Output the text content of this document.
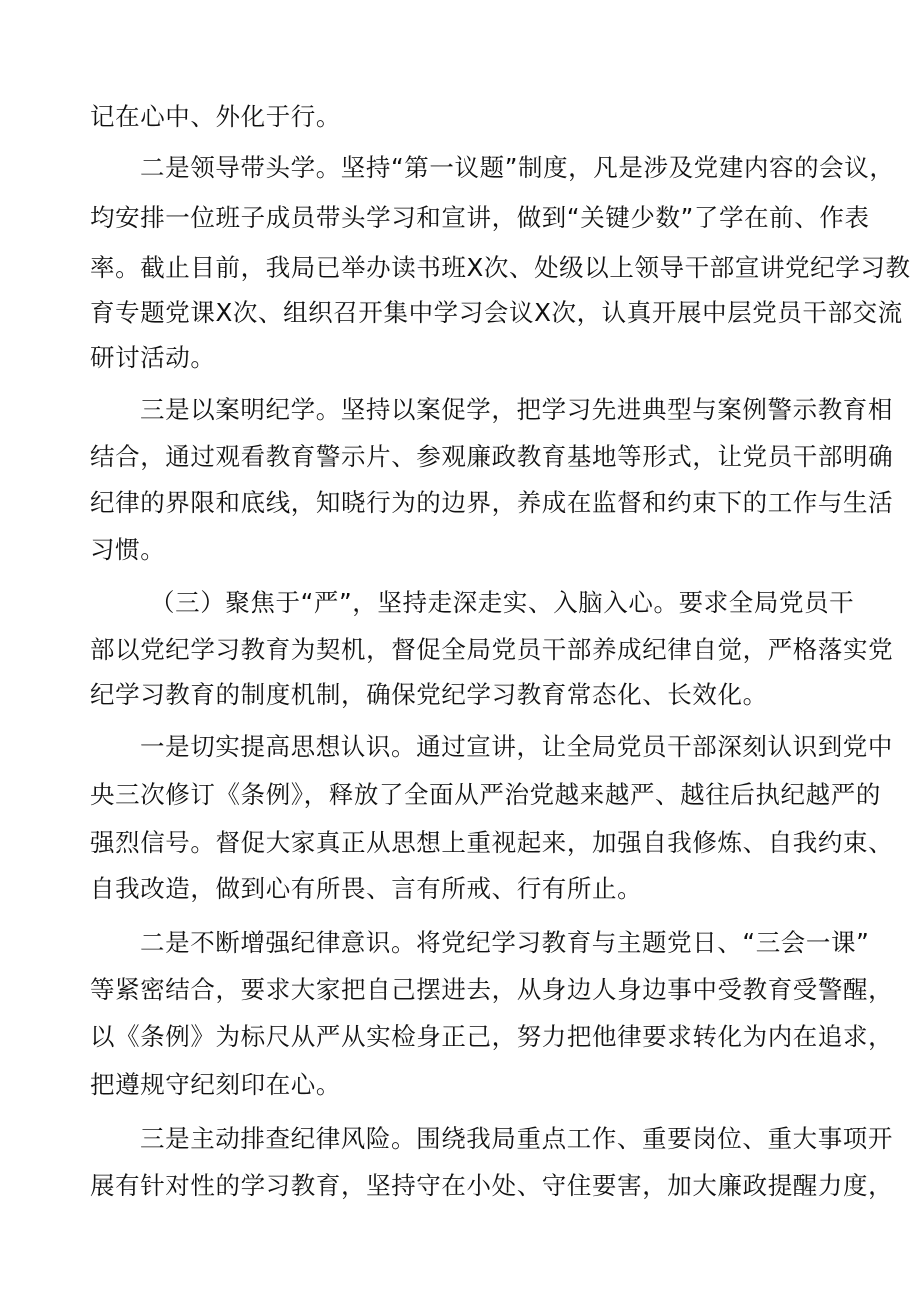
记在心中、外化于行。
二是领导带头学。坚持“第一议题”制度，凡是涉及党建内容的会议，
均安排一位班子成员带头学习和宣讲，做到“关键少数”了学在前、作表
率。截止目前，我局已举办读书班X次、处级以上领导干部宣讲党纪学习教
育专题党课X次、组织召开集中学习会议X次，认真开展中层党员干部交流
研讨活动。
三是以案明纪学。坚持以案促学，把学习先进典型与案例警示教育相
结合，通过观看教育警示片、参观廉政教育基地等形式，让党员干部明确
纪律的界限和底线，知晓行为的边界，养成在监督和约束下的工作与生活
习惯。
（三）聚焦于“严”，坚持走深走实、入脑入心。要求全局党员干
部以党纪学习教育为契机，督促全局党员干部养成纪律自觉，严格落实党
纪学习教育的制度机制，确保党纪学习教育常态化、长效化。
一是切实提高思想认识。通过宣讲，让全局党员干部深刻认识到党中
央三次修订《条例》，释放了全面从严治党越来越严、越往后执纪越严的
强烈信号。督促大家真正从思想上重视起来，加强自我修炼、自我约束、
自我改造，做到心有所畏、言有所戒、行有所止。
二是不断增强纪律意识。将党纪学习教育与主题党日、“三会一课”
等紧密结合，要求大家把自己摆进去，从身边人身边事中受教育受警醒，
以《条例》为标尺从严从实检身正己，努力把他律要求转化为内在追求，
把遵规守纪刻印在心。
三是主动排查纪律风险。围绕我局重点工作、重要岗位、重大事项开
展有针对性的学习教育，坚持守在小处、守住要害，加大廉政提醒力度，
